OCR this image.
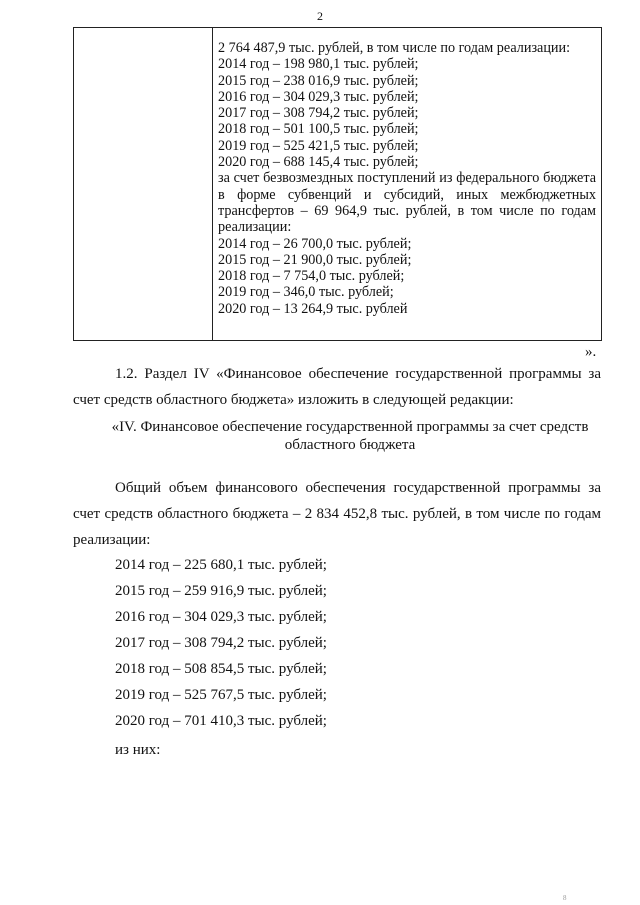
2
2 764 487,9 тыс. рублей, в том числе по годам реализации:
2014 год – 198 980,1 тыс. рублей;
2015 год – 238 016,9 тыс. рублей;
2016 год – 304 029,3 тыс. рублей;
2017 год – 308 794,2 тыс. рублей;
2018 год – 501 100,5 тыс. рублей;
2019 год – 525 421,5 тыс. рублей;
2020 год – 688 145,4 тыс. рублей;
за счет безвозмездных поступлений из федерального бюджета в форме субвенций и субсидий, иных межбюджетных трансфертов – 69 964,9 тыс. рублей, в том числе по годам реализации:
2014 год – 26 700,0 тыс. рублей;
2015 год – 21 900,0 тыс. рублей;
2018 год – 7 754,0 тыс. рублей;
2019 год – 346,0 тыс. рублей;
2020 год – 13 264,9 тыс. рублей
».
1.2. Раздел IV «Финансовое обеспечение государственной программы за счет средств областного бюджета» изложить в следующей редакции:
«IV. Финансовое обеспечение государственной программы за счет средств областного бюджета
Общий объем финансового обеспечения государственной программы за счет средств областного бюджета – 2 834 452,8 тыс. рублей, в том числе по годам реализации:
2014 год – 225 680,1 тыс. рублей;
2015 год – 259 916,9 тыс. рублей;
2016 год – 304 029,3 тыс. рублей;
2017 год – 308 794,2 тыс. рублей;
2018 год – 508 854,5 тыс. рублей;
2019 год – 525 767,5 тыс. рублей;
2020 год – 701 410,3 тыс. рублей;
из них:
8
